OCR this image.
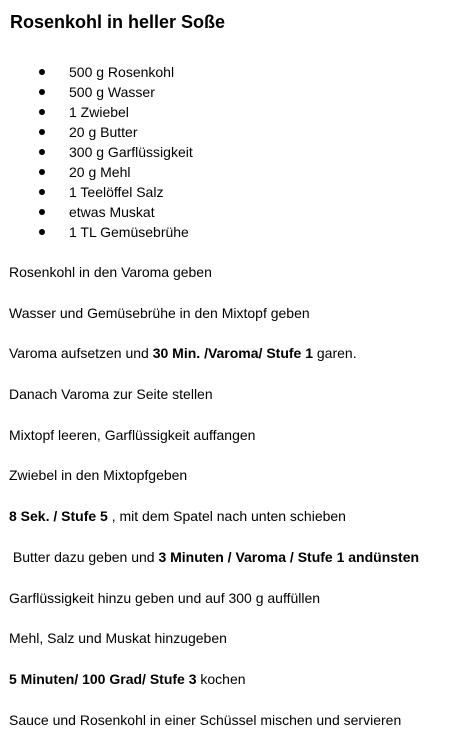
Rosenkohl in heller Soße
500 g Rosenkohl
500 g Wasser
1 Zwiebel
20 g Butter
300 g Garflüssigkeit
20 g Mehl
1 Teelöffel Salz
etwas Muskat
1 TL Gemüsebrühe
Rosenkohl in den Varoma geben
Wasser und Gemüsebrühe in den Mixtopf geben
Varoma aufsetzen und 30 Min. /Varoma/ Stufe 1 garen.
Danach Varoma zur Seite stellen
Mixtopf leeren, Garflüssigkeit auffangen
Zwiebel in den Mixtopfgeben
8 Sek. / Stufe 5 , mit dem Spatel nach unten schieben
Butter dazu geben und 3 Minuten / Varoma / Stufe 1 andünsten
Garflüssigkeit hinzu geben und auf 300 g auffüllen
Mehl, Salz und Muskat hinzugeben
5 Minuten/ 100 Grad/ Stufe 3 kochen
Sauce und Rosenkohl in einer Schüssel mischen und servieren
